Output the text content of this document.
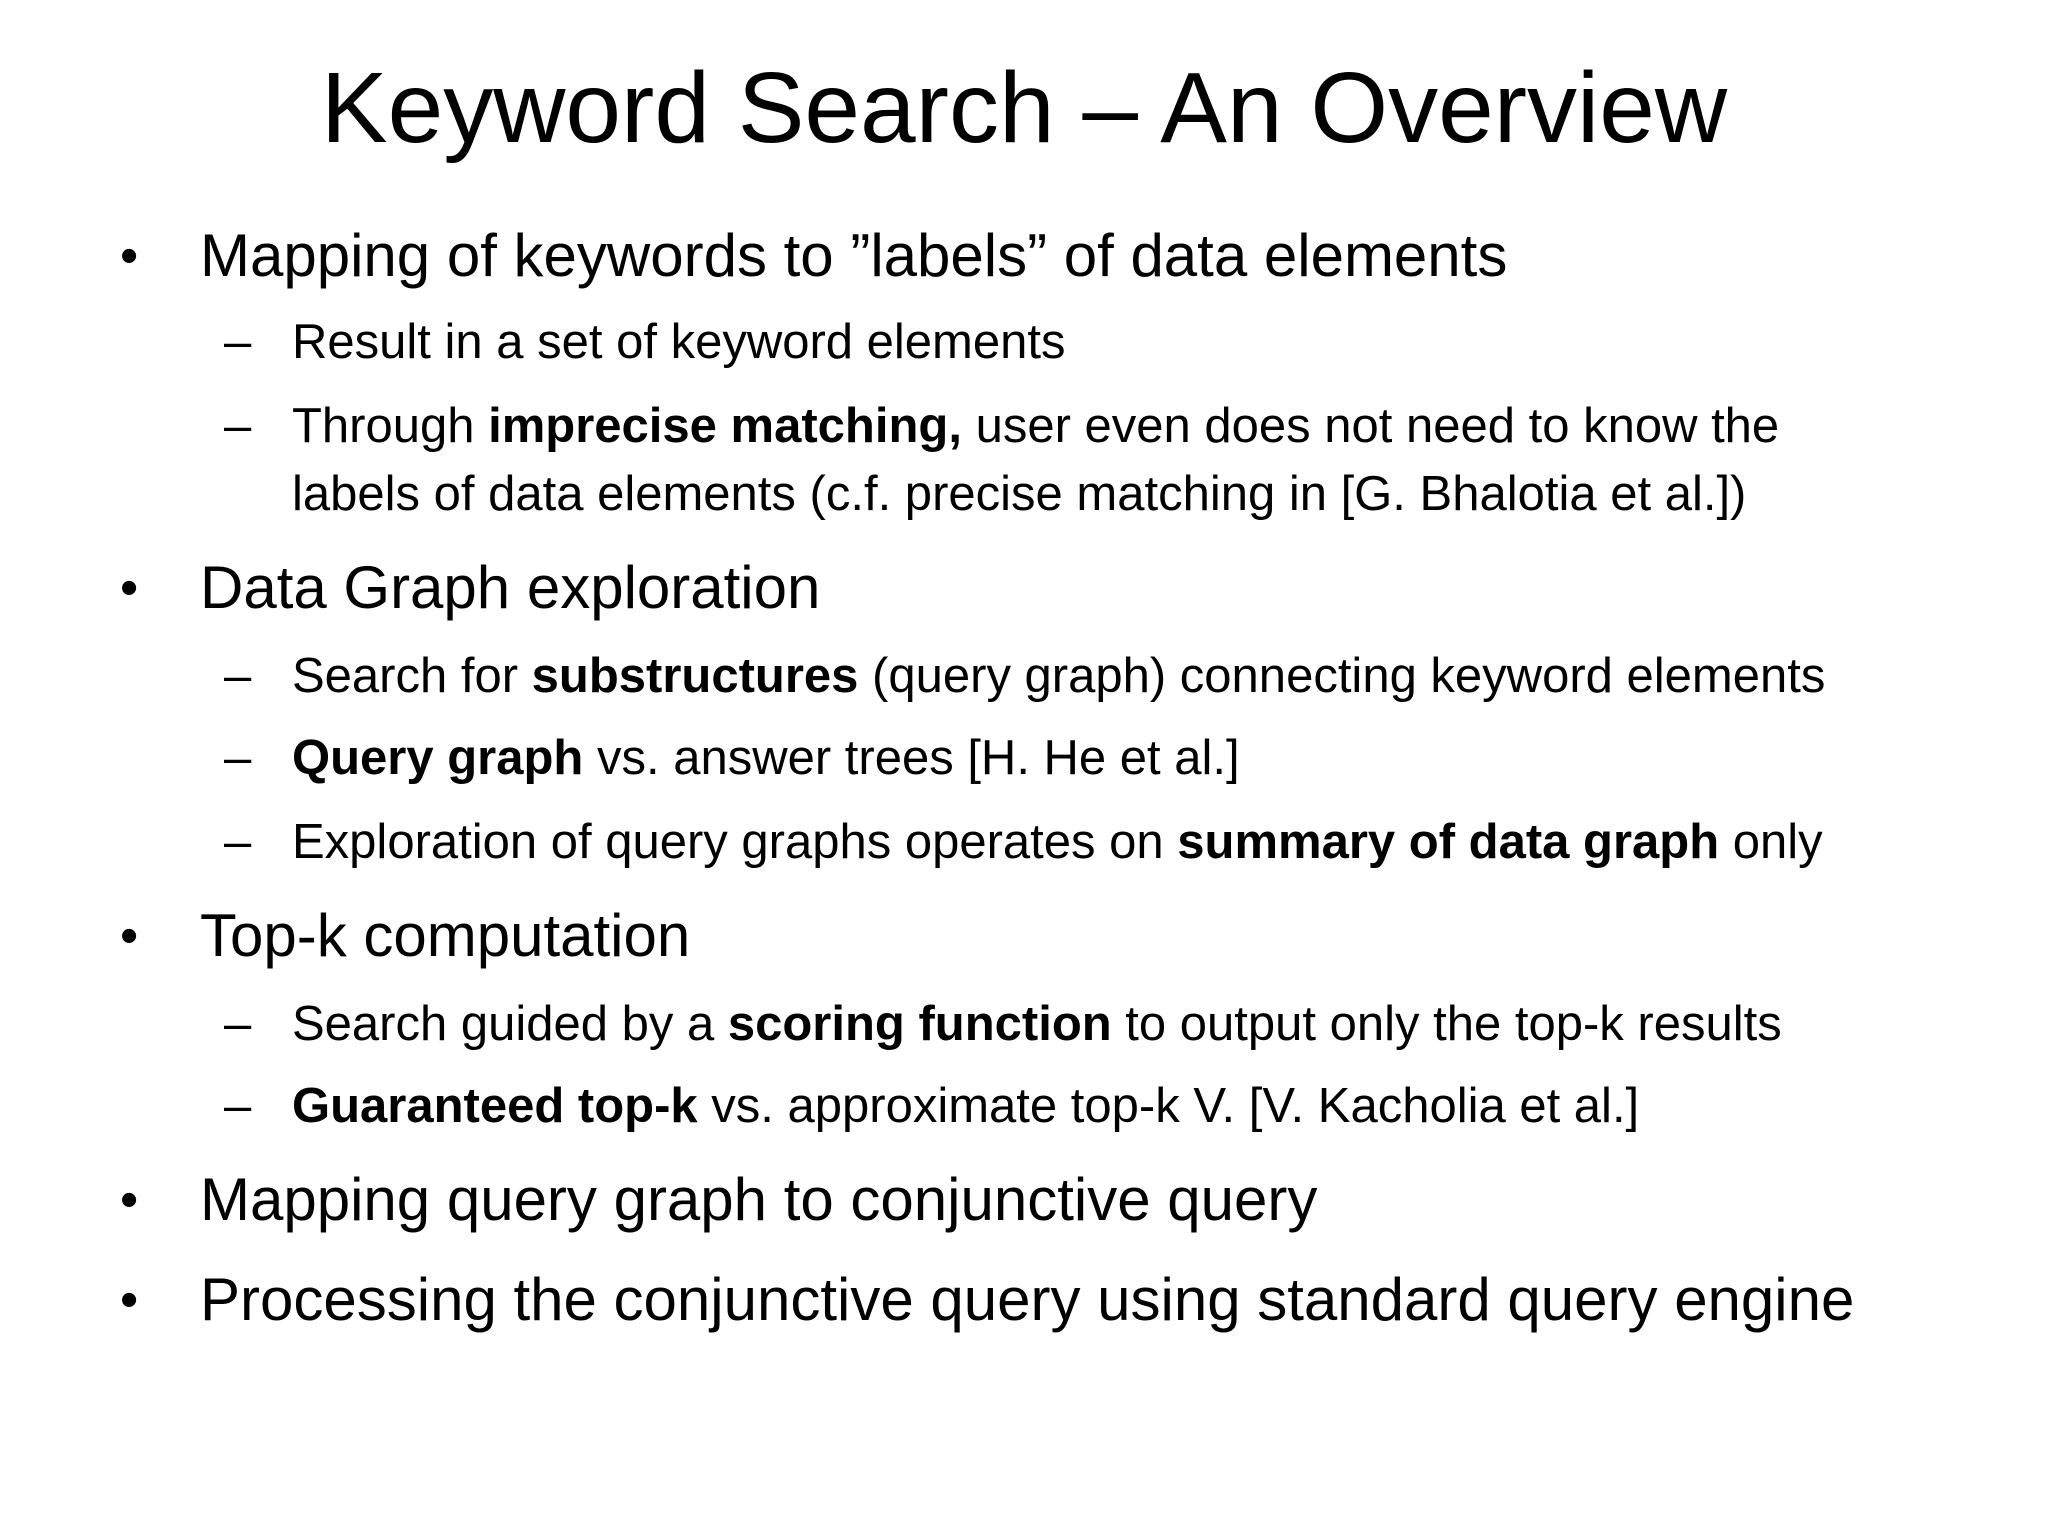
Keyword Search – An Overview
• Mapping of keywords to ”labels” of data elements
– Result in a set of keyword elements
– Through imprecise matching, user even does not need to know the
labels of data elements (c.f. precise matching in [G. Bhalotia et al.])
• Data Graph exploration
– Search for substructures (query graph) connecting keyword elements
– Query graph vs. answer trees [H. He et al.]
– Exploration of query graphs operates on summary of data graph only
• Top-k computation
– Search guided by a scoring function to output only the top-k results
– Guaranteed top-k vs. approximate top-k V. [V. Kacholia et al.]
• Mapping query graph to conjunctive query
• Processing the conjunctive query using standard query engine
